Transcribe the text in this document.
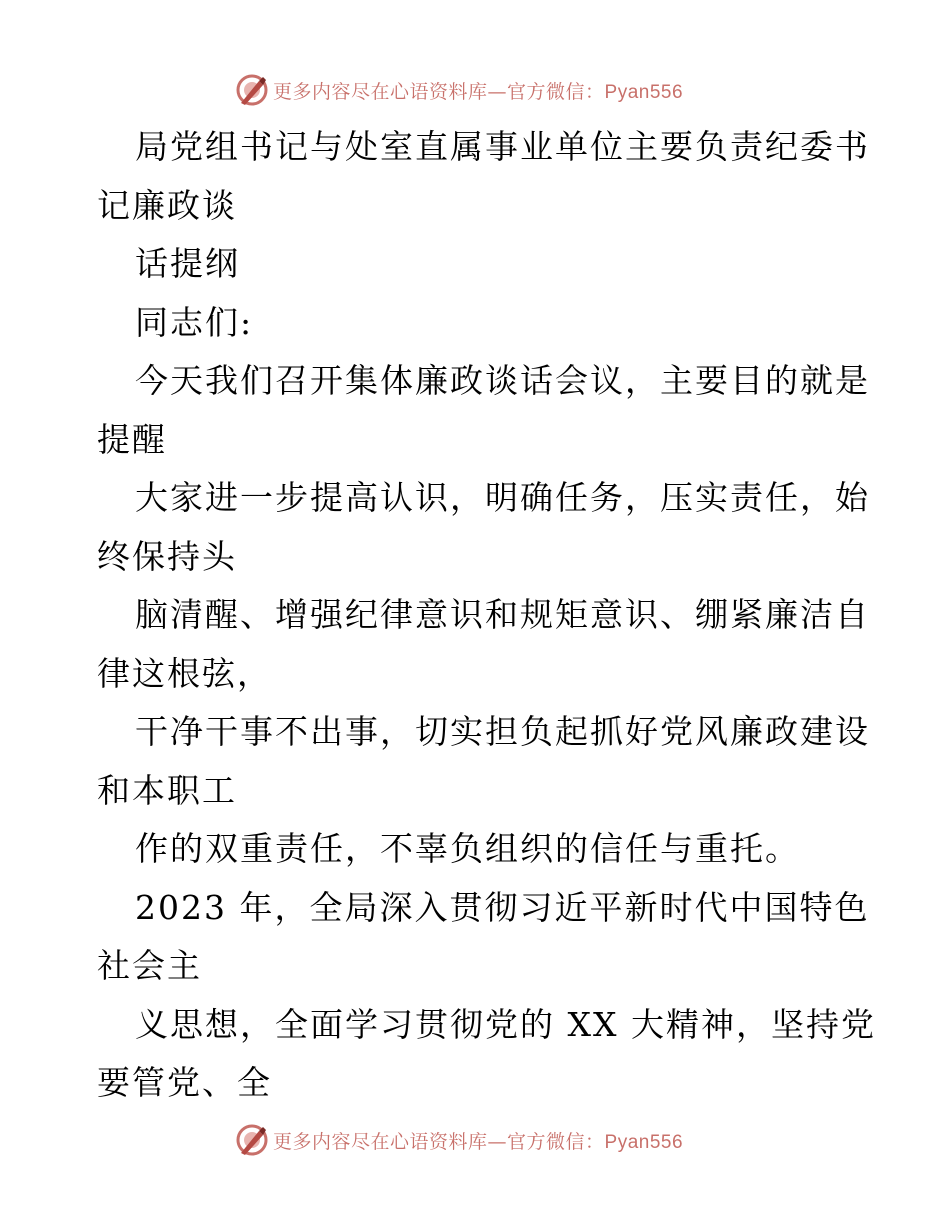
更多内容尽在心语资料库—官方微信：Pyan556
局党组书记与处室直属事业单位主要负责纪委书
记廉政谈
话提纲
同志们:
今天我们召开集体廉政谈话会议，主要目的就是
提醒
大家进一步提高认识，明确任务，压实责任，始
终保持头
脑清醒、增强纪律意识和规矩意识、绷紧廉洁自
律这根弦，
干净干事不出事，切实担负起抓好党风廉政建设
和本职工
作的双重责任，不辜负组织的信任与重托。
2023 年，全局深入贯彻习近平新时代中国特色
社会主
义思想，全面学习贯彻党的 XX 大精神，坚持党
要管党、全
更多内容尽在心语资料库—官方微信：Pyan556
